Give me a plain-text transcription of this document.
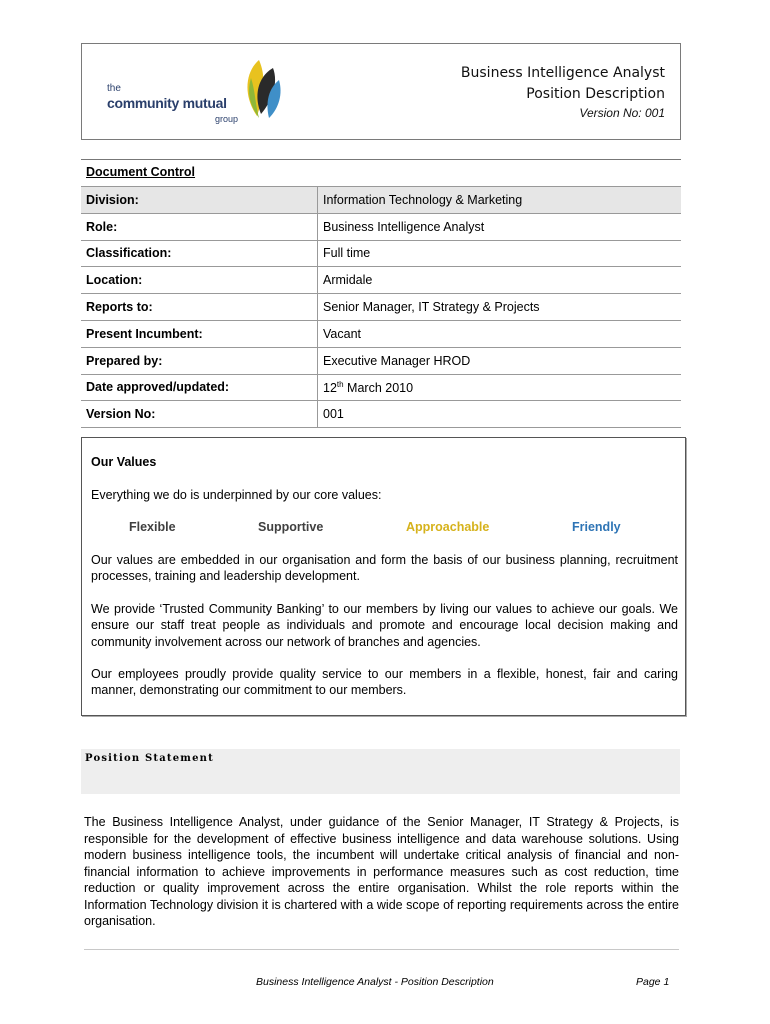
the
community mutual
group
Business Intelligence Analyst
Position Description
Version No: 001
Document Control
Division:	Information Technology & Marketing
Role:	Business Intelligence Analyst
Classification:	Full time
Location:	Armidale
Reports to:	Senior Manager, IT Strategy & Projects
Present Incumbent:	Vacant
Prepared by:	Executive Manager HROD
Date approved/updated:	12th March 2010
Version No:	001
Our Values
Everything we do is underpinned by our core values:
Flexible	Supportive	Approachable	Friendly
Our values are embedded in our organisation and form the basis of our business planning, recruitment processes, training and leadership development.
We provide ‘Trusted Community Banking’ to our members by living our values to achieve our goals. We ensure our staff treat people as individuals and promote and encourage local decision making and community involvement across our network of branches and agencies.
Our employees proudly provide quality service to our members in a flexible, honest, fair and caring manner, demonstrating our commitment to our members.
Position Statement
The Business Intelligence Analyst, under guidance of the Senior Manager, IT Strategy & Projects, is responsible for the development of effective business intelligence and data warehouse solutions. Using modern business intelligence tools, the incumbent will undertake critical analysis of financial and non-financial information to achieve improvements in performance measures such as cost reduction, time reduction or quality improvement across the entire organisation. Whilst the role reports within the Information Technology division it is chartered with a wide scope of reporting requirements across the entire organisation.
Business Intelligence Analyst - Position Description	Page 1
